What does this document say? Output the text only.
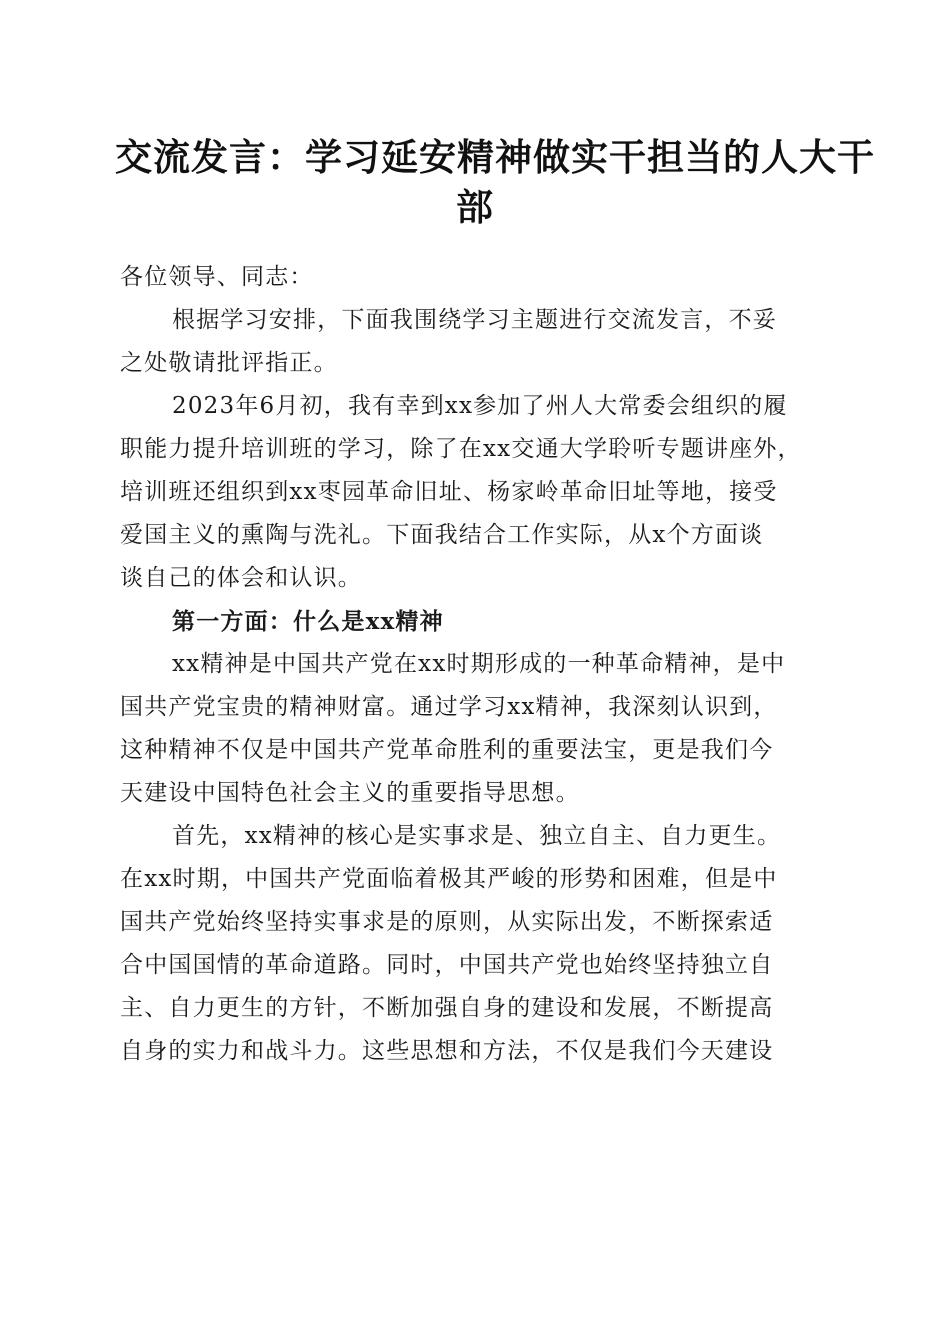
交流发言：学习延安精神做实干担当的人大干
部
各位领导、同志：
根据学习安排，下面我围绕学习主题进行交流发言，不妥
之处敬请批评指正。
2023年6月初，我有幸到xx参加了州人大常委会组织的履
职能力提升培训班的学习，除了在xx交通大学聆听专题讲座外，
培训班还组织到xx枣园革命旧址、杨家岭革命旧址等地，接受
爱国主义的熏陶与洗礼。下面我结合工作实际，从x个方面谈
谈自己的体会和认识。
第一方面：什么是xx精神
xx精神是中国共产党在xx时期形成的一种革命精神，是中
国共产党宝贵的精神财富。通过学习xx精神，我深刻认识到，
这种精神不仅是中国共产党革命胜利的重要法宝，更是我们今
天建设中国特色社会主义的重要指导思想。
首先，xx精神的核心是实事求是、独立自主、自力更生。
在xx时期，中国共产党面临着极其严峻的形势和困难，但是中
国共产党始终坚持实事求是的原则，从实际出发，不断探索适
合中国国情的革命道路。同时，中国共产党也始终坚持独立自
主、自力更生的方针，不断加强自身的建设和发展，不断提高
自身的实力和战斗力。这些思想和方法，不仅是我们今天建设
